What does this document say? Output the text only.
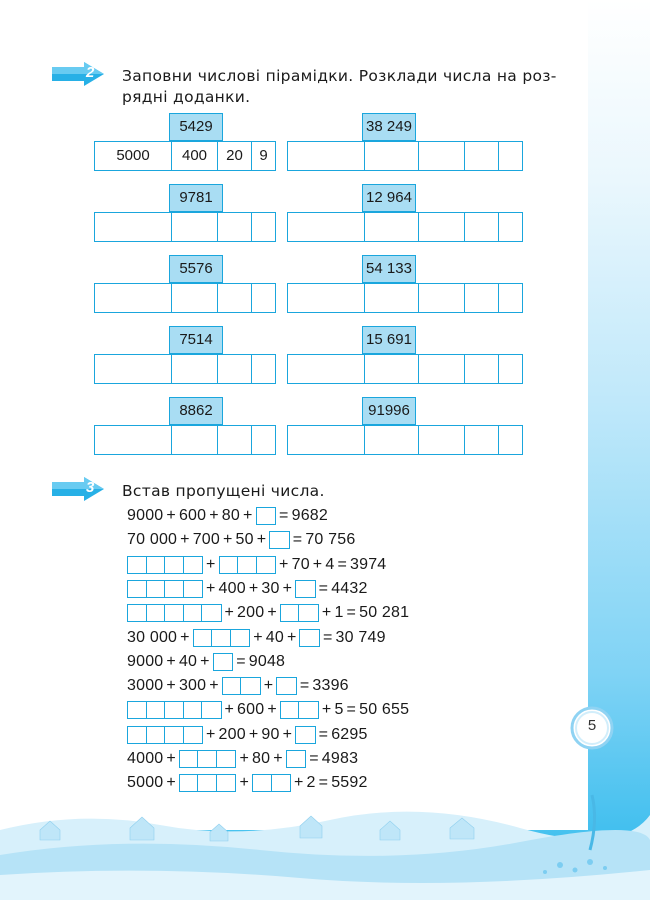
2 Заповни числові пірамідки. Розклади числа на роз-
рядні доданки.
5429
5000	400	20	9
38 249
9781	12 964
5576	54 133
7514	15 691
8862	91996
3 Встав пропущені числа.
9000 + 600 + 80 + = 9682
70 000 + 700 + 50 + = 70 756
+	+ 70 + 4 = 3974
+ 400 + 30 + = 4432
+ 200 +	+ 1 = 50 281
30 000 +	+ 40 + = 30 749
9000 + 40 + = 9048
3000 + 300 +	+ = 3396
+ 600 +	+ 5 = 50 655
+ 200 + 90 + = 6295
4000 +	+ 80 + = 4983
5000 +	+	+ 2 = 5592
5
